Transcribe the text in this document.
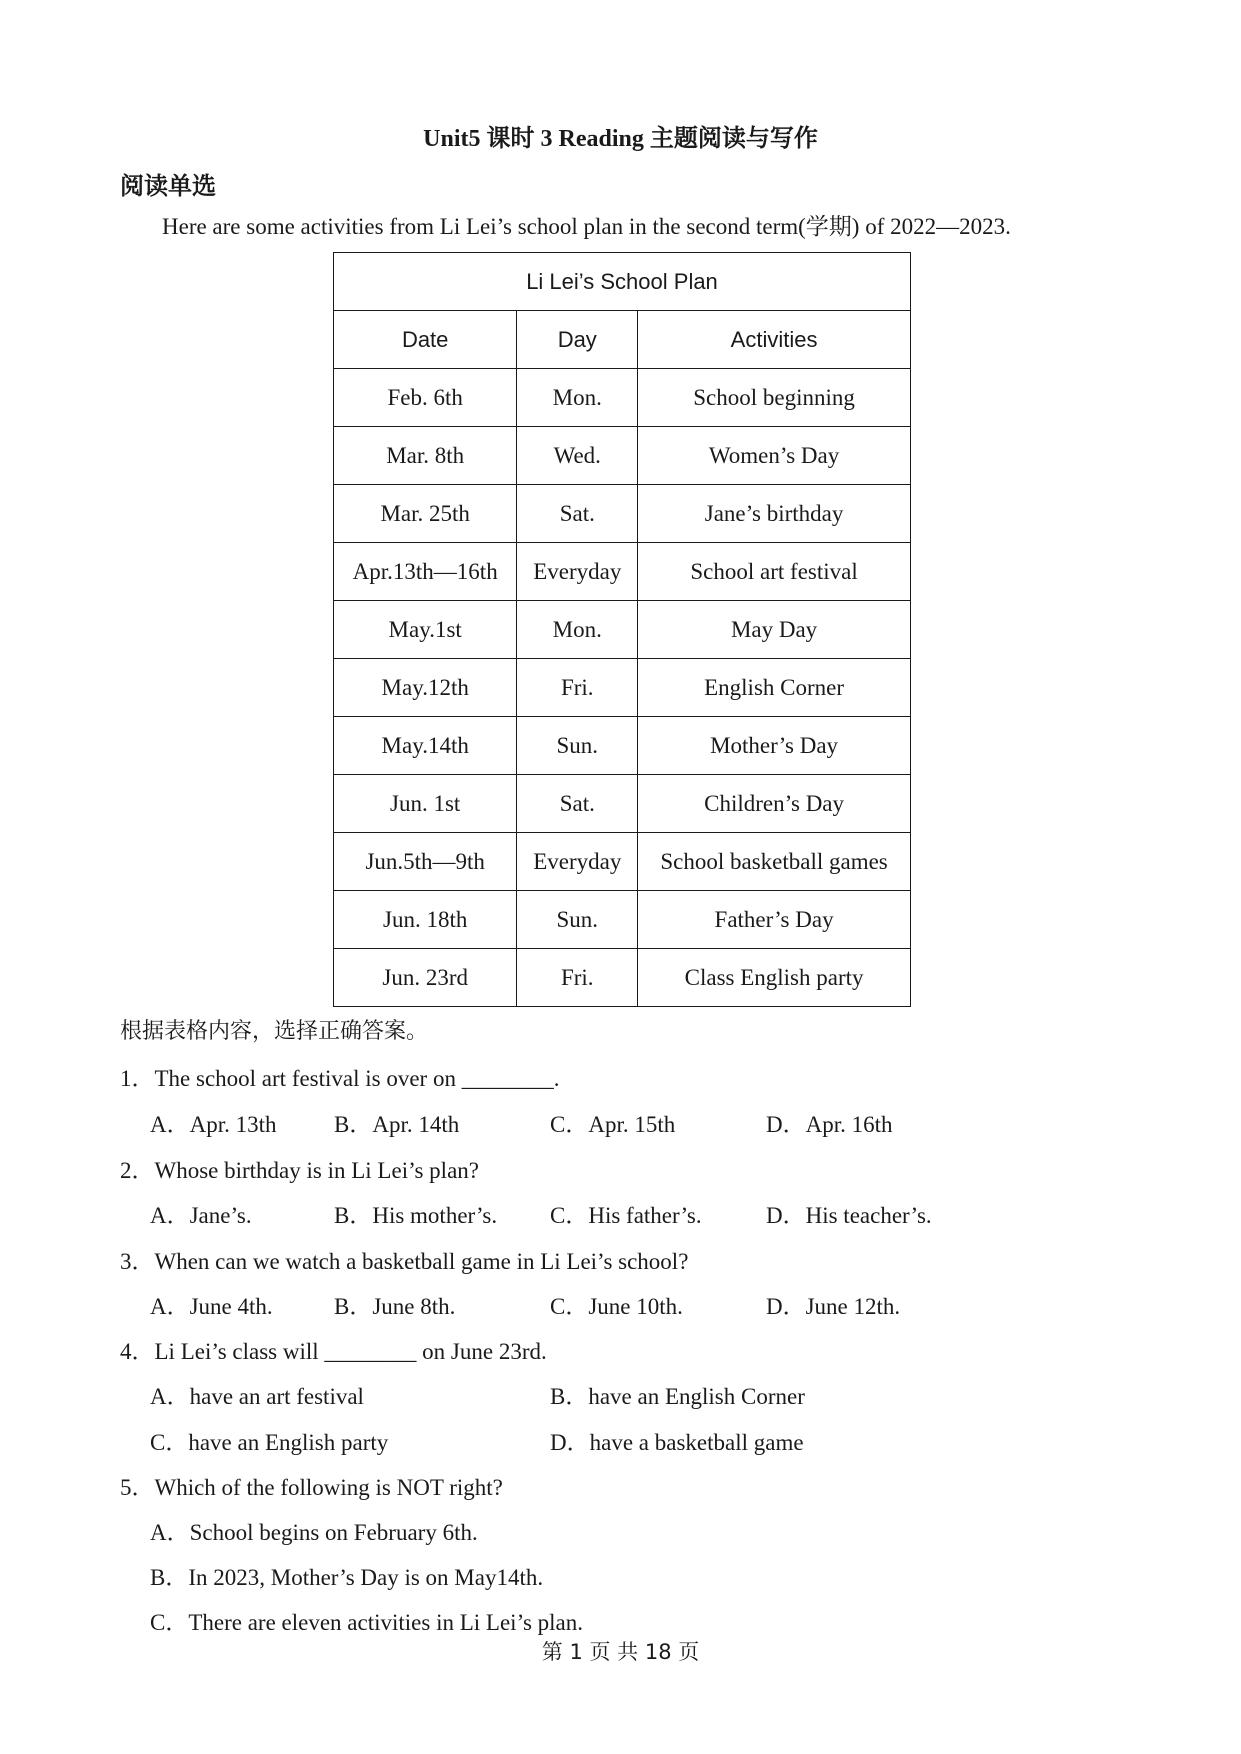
Unit5 课时 3 Reading 主题阅读与写作
阅读单选
Here are some activities from Li Lei’s school plan in the second term(学期) of 2022—2023.
Li Lei’s School Plan		
Date	Day	Activities
Feb. 6th	Mon.	School beginning
Mar. 8th	Wed.	Women’s Day
Mar. 25th	Sat.	Jane’s birthday
Apr.13th—16th	Everyday	School art festival
May.1st	Mon.	May Day
May.12th	Fri.	English Corner
May.14th	Sun.	Mother’s Day
Jun. 1st	Sat.	Children’s Day
Jun.5th—9th	Everyday	School basketball games
Jun. 18th	Sun.	Father’s Day
Jun. 23rd	Fri.	Class English party
根据表格内容，选择正确答案。
1．The school art festival is over on ________.
A．Apr. 13th	B．Apr. 14th	C．Apr. 15th	D．Apr. 16th
2．Whose birthday is in Li Lei’s plan?
A．Jane’s.	B．His mother’s. C．His father’s.	D．His teacher’s.
3．When can we watch a basketball game in Li Lei’s school?
A．June 4th.	B．June 8th.	C．June 10th.	D．June 12th.
4．Li Lei’s class will ________ on June 23rd.
A．have an art festival	B．have an English Corner
C．have an English party	D．have a basketball game
5．Which of the following is NOT right?
A．School begins on February 6th.
B．In 2023, Mother’s Day is on May14th.
C．There are eleven activities in Li Lei’s plan.
第 1 页 共 18 页
